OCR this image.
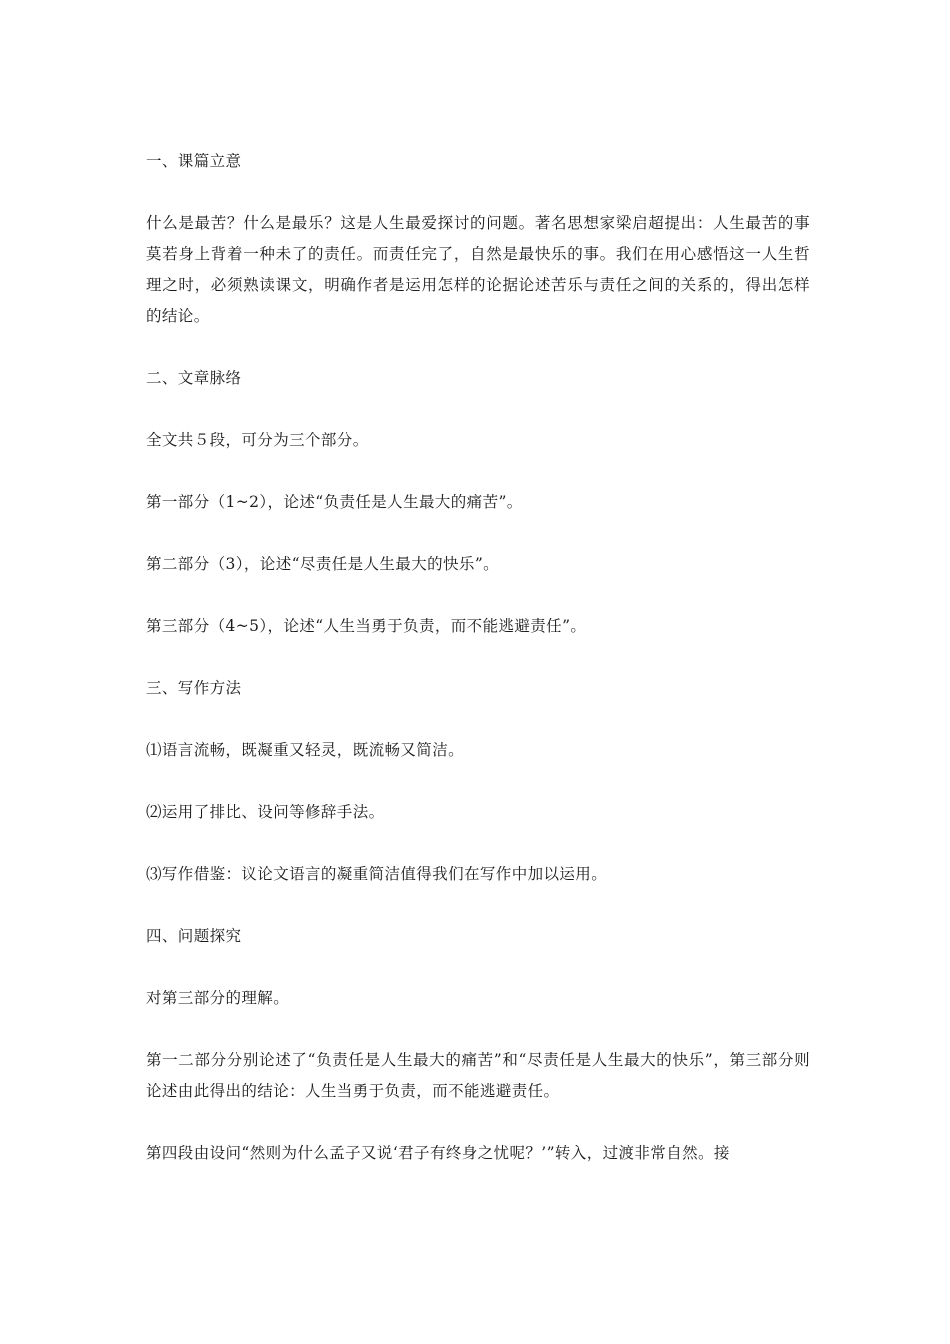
一、课篇立意

什么是最苦？什么是最乐？这是人生最爱探讨的问题。著名思想家梁启超提出：人生最苦的事莫若身上背着一种未了的责任。而责任完了，自然是最快乐的事。我们在用心感悟这一人生哲理之时，必须熟读课文，明确作者是运用怎样的论据论述苦乐与责任之间的关系的，得出怎样的结论。

二、文章脉络

全文共５段，可分为三个部分。

第一部分（1~2），论述“负责任是人生最大的痛苦”。

第二部分（3），论述“尽责任是人生最大的快乐”。

第三部分（4~5），论述“人生当勇于负责，而不能逃避责任”。

三、写作方法

⑴语言流畅，既凝重又轻灵，既流畅又简洁。

⑵运用了排比、设问等修辞手法。

⑶写作借鉴：议论文语言的凝重简洁值得我们在写作中加以运用。

四、问题探究

对第三部分的理解。

第一二部分分别论述了“负责任是人生最大的痛苦”和“尽责任是人生最大的快乐”，第三部分则论述由此得出的结论：人生当勇于负责，而不能逃避责任。

第四段由设问“然则为什么孟子又说‘君子有终身之忧呢？’”转入，过渡非常自然。接
